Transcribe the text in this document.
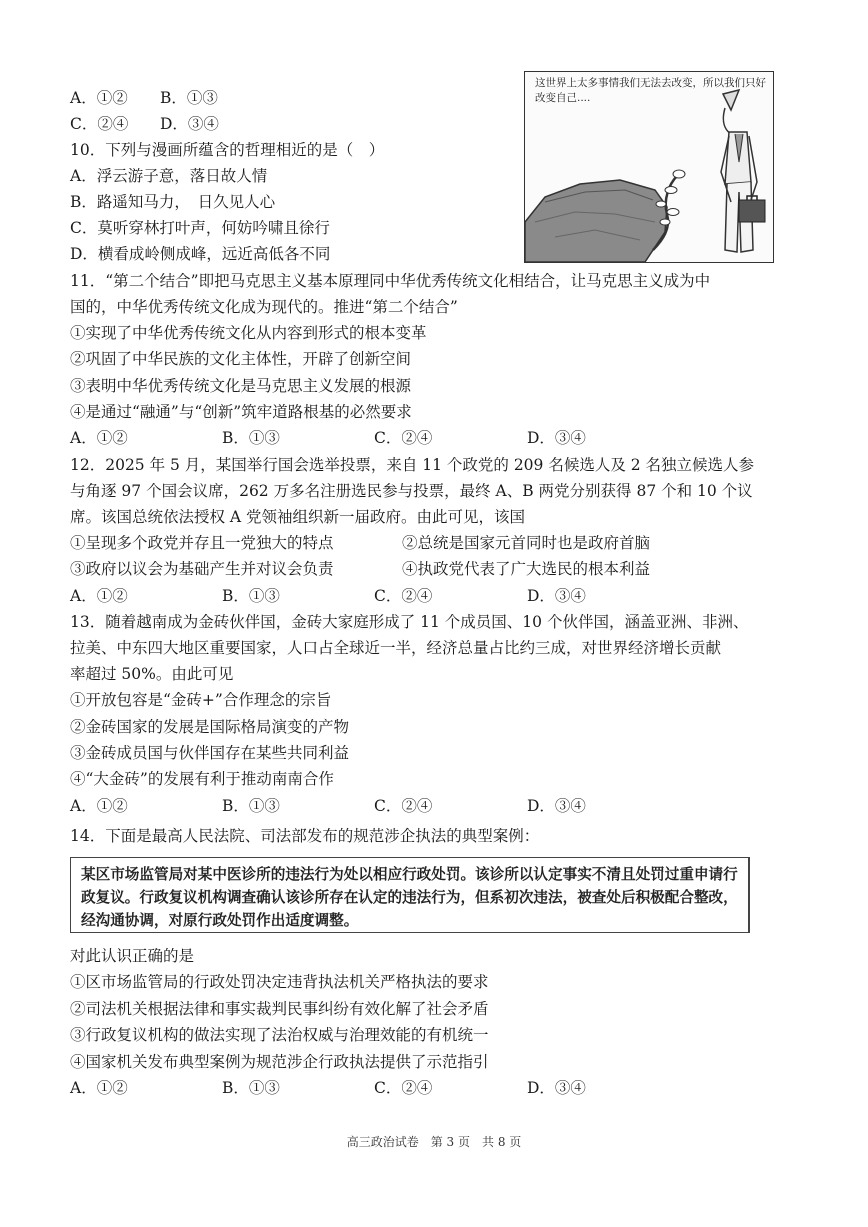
A．①② B．①③
C．②④ D．③④
这世界上太多事情我们无法去改变，所以我们只好改变自己....
10．下列与漫画所蕴含的哲理相近的是（　）
A．浮云游子意，落日故人情
B．路遥知马力，　日久见人心
C．莫听穿林打叶声，何妨吟啸且徐行
D．横看成岭侧成峰，远近高低各不同
11．“第二个结合”即把马克思主义基本原理同中华优秀传统文化相结合，让马克思主义成为中
国的，中华优秀传统文化成为现代的。推进“第二个结合”
①实现了中华优秀传统文化从内容到形式的根本变革
②巩固了中华民族的文化主体性，开辟了创新空间
③表明中华优秀传统文化是马克思主义发展的根源
④是通过“融通”与“创新”筑牢道路根基的必然要求
A．①②	B．①③	C．②④	D．③④
12．2025 年 5 月，某国举行国会选举投票，来自 11 个政党的 209 名候选人及 2 名独立候选人参
与角逐 97 个国会议席，262 万多名注册选民参与投票，最终 A、B 两党分别获得 87 个和 10 个议
席。该国总统依法授权 A 党领袖组织新一届政府。由此可见，该国
①呈现多个政党并存且一党独大的特点	②总统是国家元首同时也是政府首脑
③政府以议会为基础产生并对议会负责	④执政党代表了广大选民的根本利益
A．①②	B．①③	C．②④	D．③④
13．随着越南成为金砖伙伴国，金砖大家庭形成了 11 个成员国、10 个伙伴国，涵盖亚洲、非洲、
拉美、中东四大地区重要国家，人口占全球近一半，经济总量占比约三成，对世界经济增长贡献
率超过 50%。由此可见
①开放包容是“金砖+”合作理念的宗旨
②金砖国家的发展是国际格局演变的产物
③金砖成员国与伙伴国存在某些共同利益
④“大金砖”的发展有利于推动南南合作
A．①②	B．①③	C．②④	D．③④
14．下面是最高人民法院、司法部发布的规范涉企执法的典型案例：
某区市场监管局对某中医诊所的违法行为处以相应行政处罚。该诊所以认定事实不清且处罚过重申请行政复议。行政复议机构调查确认该诊所存在认定的违法行为，但系初次违法，被查处后积极配合整改，经沟通协调，对原行政处罚作出适度调整。
对此认识正确的是
①区市场监管局的行政处罚决定违背执法机关严格执法的要求
②司法机关根据法律和事实裁判民事纠纷有效化解了社会矛盾
③行政复议机构的做法实现了法治权威与治理效能的有机统一
④国家机关发布典型案例为规范涉企行政执法提供了示范指引
A．①②	B．①③	C．②④	D．③④
高三政治试卷　第 3 页　共 8 页
